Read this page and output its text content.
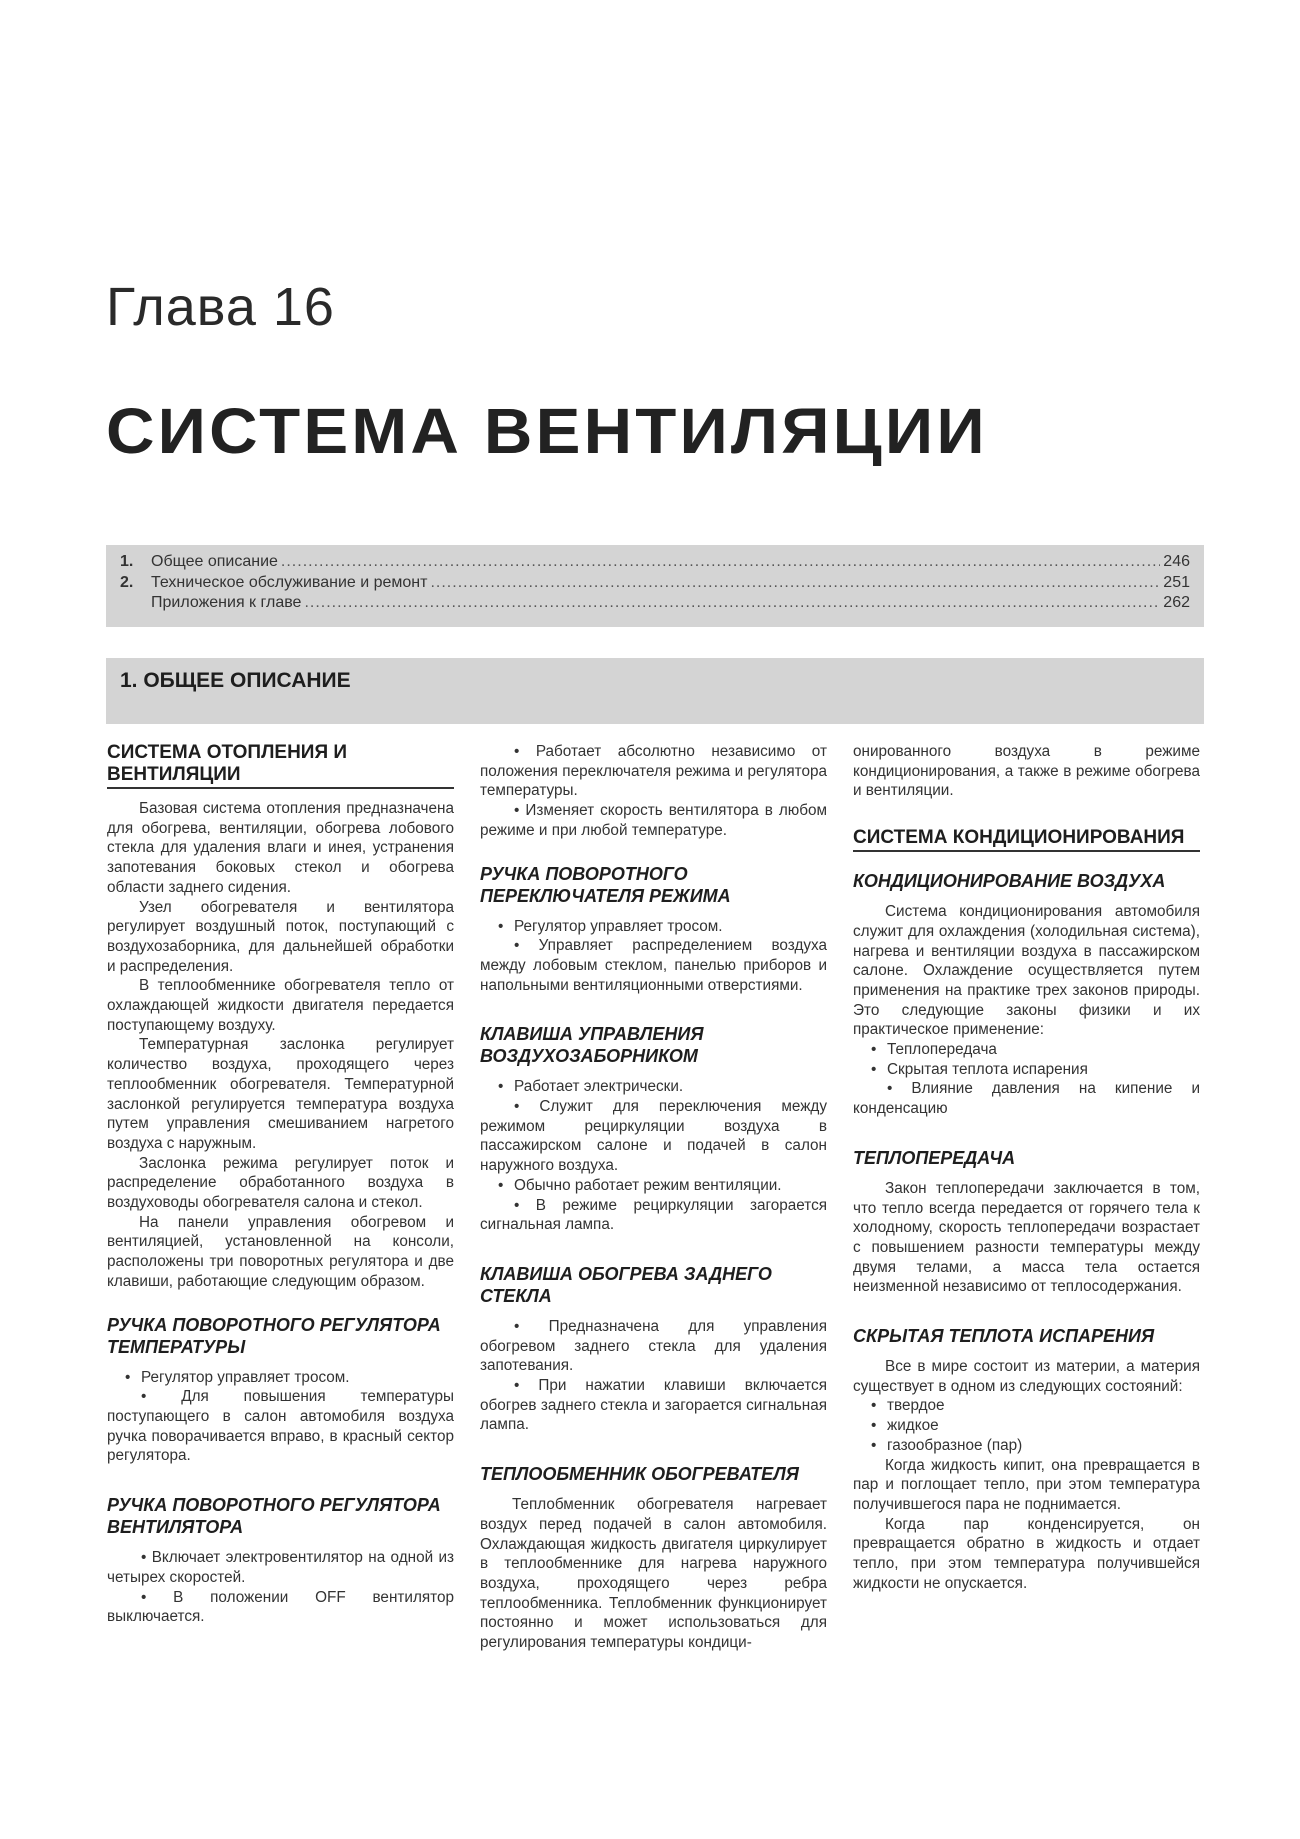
Глава 16
СИСТЕМА ВЕНТИЛЯЦИИ
1.	Общее описание .....	246
2.	Техническое обслуживание и ремонт .....	251
Приложения к главе .....	262
1. ОБЩЕЕ ОПИСАНИЕ
СИСТЕМА ОТОПЛЕНИЯ И ВЕНТИЛЯЦИИ

Базовая система отопления предназначена для обогрева, вентиляции, обогрева лобового стекла для удаления влаги и инея, устранения запотевания боковых стекол и обогрева области заднего сидения.

Узел обогревателя и вентилятора регулирует воздушный поток, поступающий с воздухозаборника, для дальнейшей обработки и распределения.

В теплообменнике обогревателя тепло от охлаждающей жидкости двигателя передается поступающему воздуху.

Температурная заслонка регулирует количество воздуха, проходящего через теплообменник обогревателя. Температурной заслонкой регулируется температура воздуха путем управления смешиванием нагретого воздуха с наружным.

Заслонка режима регулирует поток и распределение обработанного воздуха в воздуховоды обогревателя салона и стекол.

На панели управления обогревом и вентиляцией, установленной на консоли, расположены три поворотных регулятора и две клавиши, работающие следующим образом.

РУЧКА ПОВОРОТНОГО РЕГУЛЯТОРА ТЕМПЕРАТУРЫ

• Регулятор управляет тросом.

• Для повышения температуры поступающего в салон автомобиля воздуха ручка поворачивается вправо, в красный сектор регулятора.

РУЧКА ПОВОРОТНОГО РЕГУЛЯТОРА ВЕНТИЛЯТОРА

• Включает электровентилятор на одной из четырех скоростей.

• В положении OFF вентилятор выключается.

• Работает абсолютно независимо от положения переключателя режима и регулятора температуры.

• Изменяет скорость вентилятора в любом режиме и при любой температуре.

РУЧКА ПОВОРОТНОГО ПЕРЕКЛЮЧАТЕЛЯ РЕЖИМА

• Регулятор управляет тросом.

• Управляет распределением воздуха между лобовым стеклом, панелью приборов и напольными вентиляционными отверстиями.

КЛАВИША УПРАВЛЕНИЯ ВОЗДУХОЗАБОРНИКОМ

• Работает электрически.

• Служит для переключения между режимом рециркуляции воздуха в пассажирском салоне и подачей в салон наружного воздуха.

• Обычно работает режим вентиляции.

• В режиме рециркуляции загорается сигнальная лампа.

КЛАВИША ОБОГРЕВА ЗАДНЕГО СТЕКЛА

• Предназначена для управления обогревом заднего стекла для удаления запотевания.

• При нажатии клавиши включается обогрев заднего стекла и загорается сигнальная лампа.

ТЕПЛООБМЕННИК ОБОГРЕВАТЕЛЯ

Теплобменник обогревателя нагревает воздух перед подачей в салон автомобиля. Охлаждающая жидкость двигателя циркулирует в теплообменнике для нагрева наружного воздуха, проходящего через ребра теплообменника. Теплобменник функционирует постоянно и может использоваться для регулирования температуры кондици-

онированного воздуха в режиме кондиционирования, а также в режиме обогрева и вентиляции.

СИСТЕМА КОНДИЦИОНИРОВАНИЯ
КОНДИЦИОНИРОВАНИЕ ВОЗДУХА

Система кондиционирования автомобиля служит для охлаждения (холодильная система), нагрева и вентиляции воздуха в пассажирском салоне. Охлаждение осуществляется путем применения на практике трех законов природы. Это следующие законы физики и их практическое применение:

• Теплопередача

• Скрытая теплота испарения

• Влияние давления на кипение и конденсацию

ТЕПЛОПЕРЕДАЧА

Закон теплопередачи заключается в том, что тепло всегда передается от горячего тела к холодному, скорость теплопередачи возрастает с повышением разности температуры между двумя телами, а масса тела остается неизменной независимо от теплосодержания.

СКРЫТАЯ ТЕПЛОТА ИСПАРЕНИЯ

Все в мире состоит из материи, а материя существует в одном из следующих состояний:

• твердое

• жидкое

• газообразное (пар)

Когда жидкость кипит, она превращается в пар и поглощает тепло, при этом температура получившегося пара не поднимается.

Когда пар конденсируется, он превращается обратно в жидкость и отдает тепло, при этом температура получившейся жидкости не опускается.
